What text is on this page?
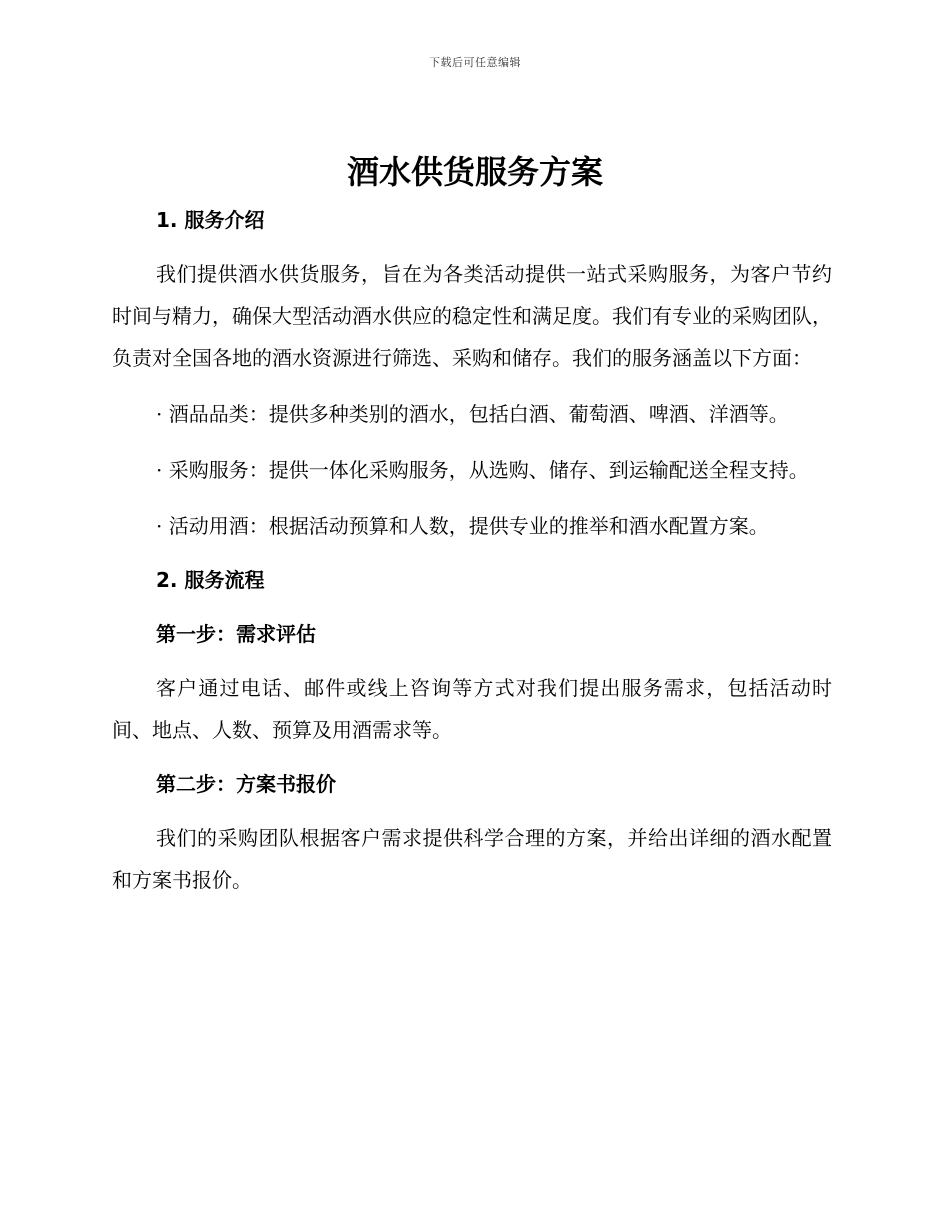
下载后可任意编辑
酒水供货服务方案
1. 服务介绍

我们提供酒水供货服务，旨在为各类活动提供一站式采购服务，为客户节约时间与精力，确保大型活动酒水供应的稳定性和满足度。我们有专业的采购团队，负责对全国各地的酒水资源进行筛选、采购和储存。我们的服务涵盖以下方面：

· 酒品品类：提供多种类别的酒水，包括白酒、葡萄酒、啤酒、洋酒等。

· 采购服务：提供一体化采购服务，从选购、储存、到运输配送全程支持。

· 活动用酒：根据活动预算和人数，提供专业的推举和酒水配置方案。

2. 服务流程
第一步：需求评估

客户通过电话、邮件或线上咨询等方式对我们提出服务需求，包括活动时间、地点、人数、预算及用酒需求等。

第二步：方案书报价

我们的采购团队根据客户需求提供科学合理的方案，并给出详细的酒水配置和方案书报价。
